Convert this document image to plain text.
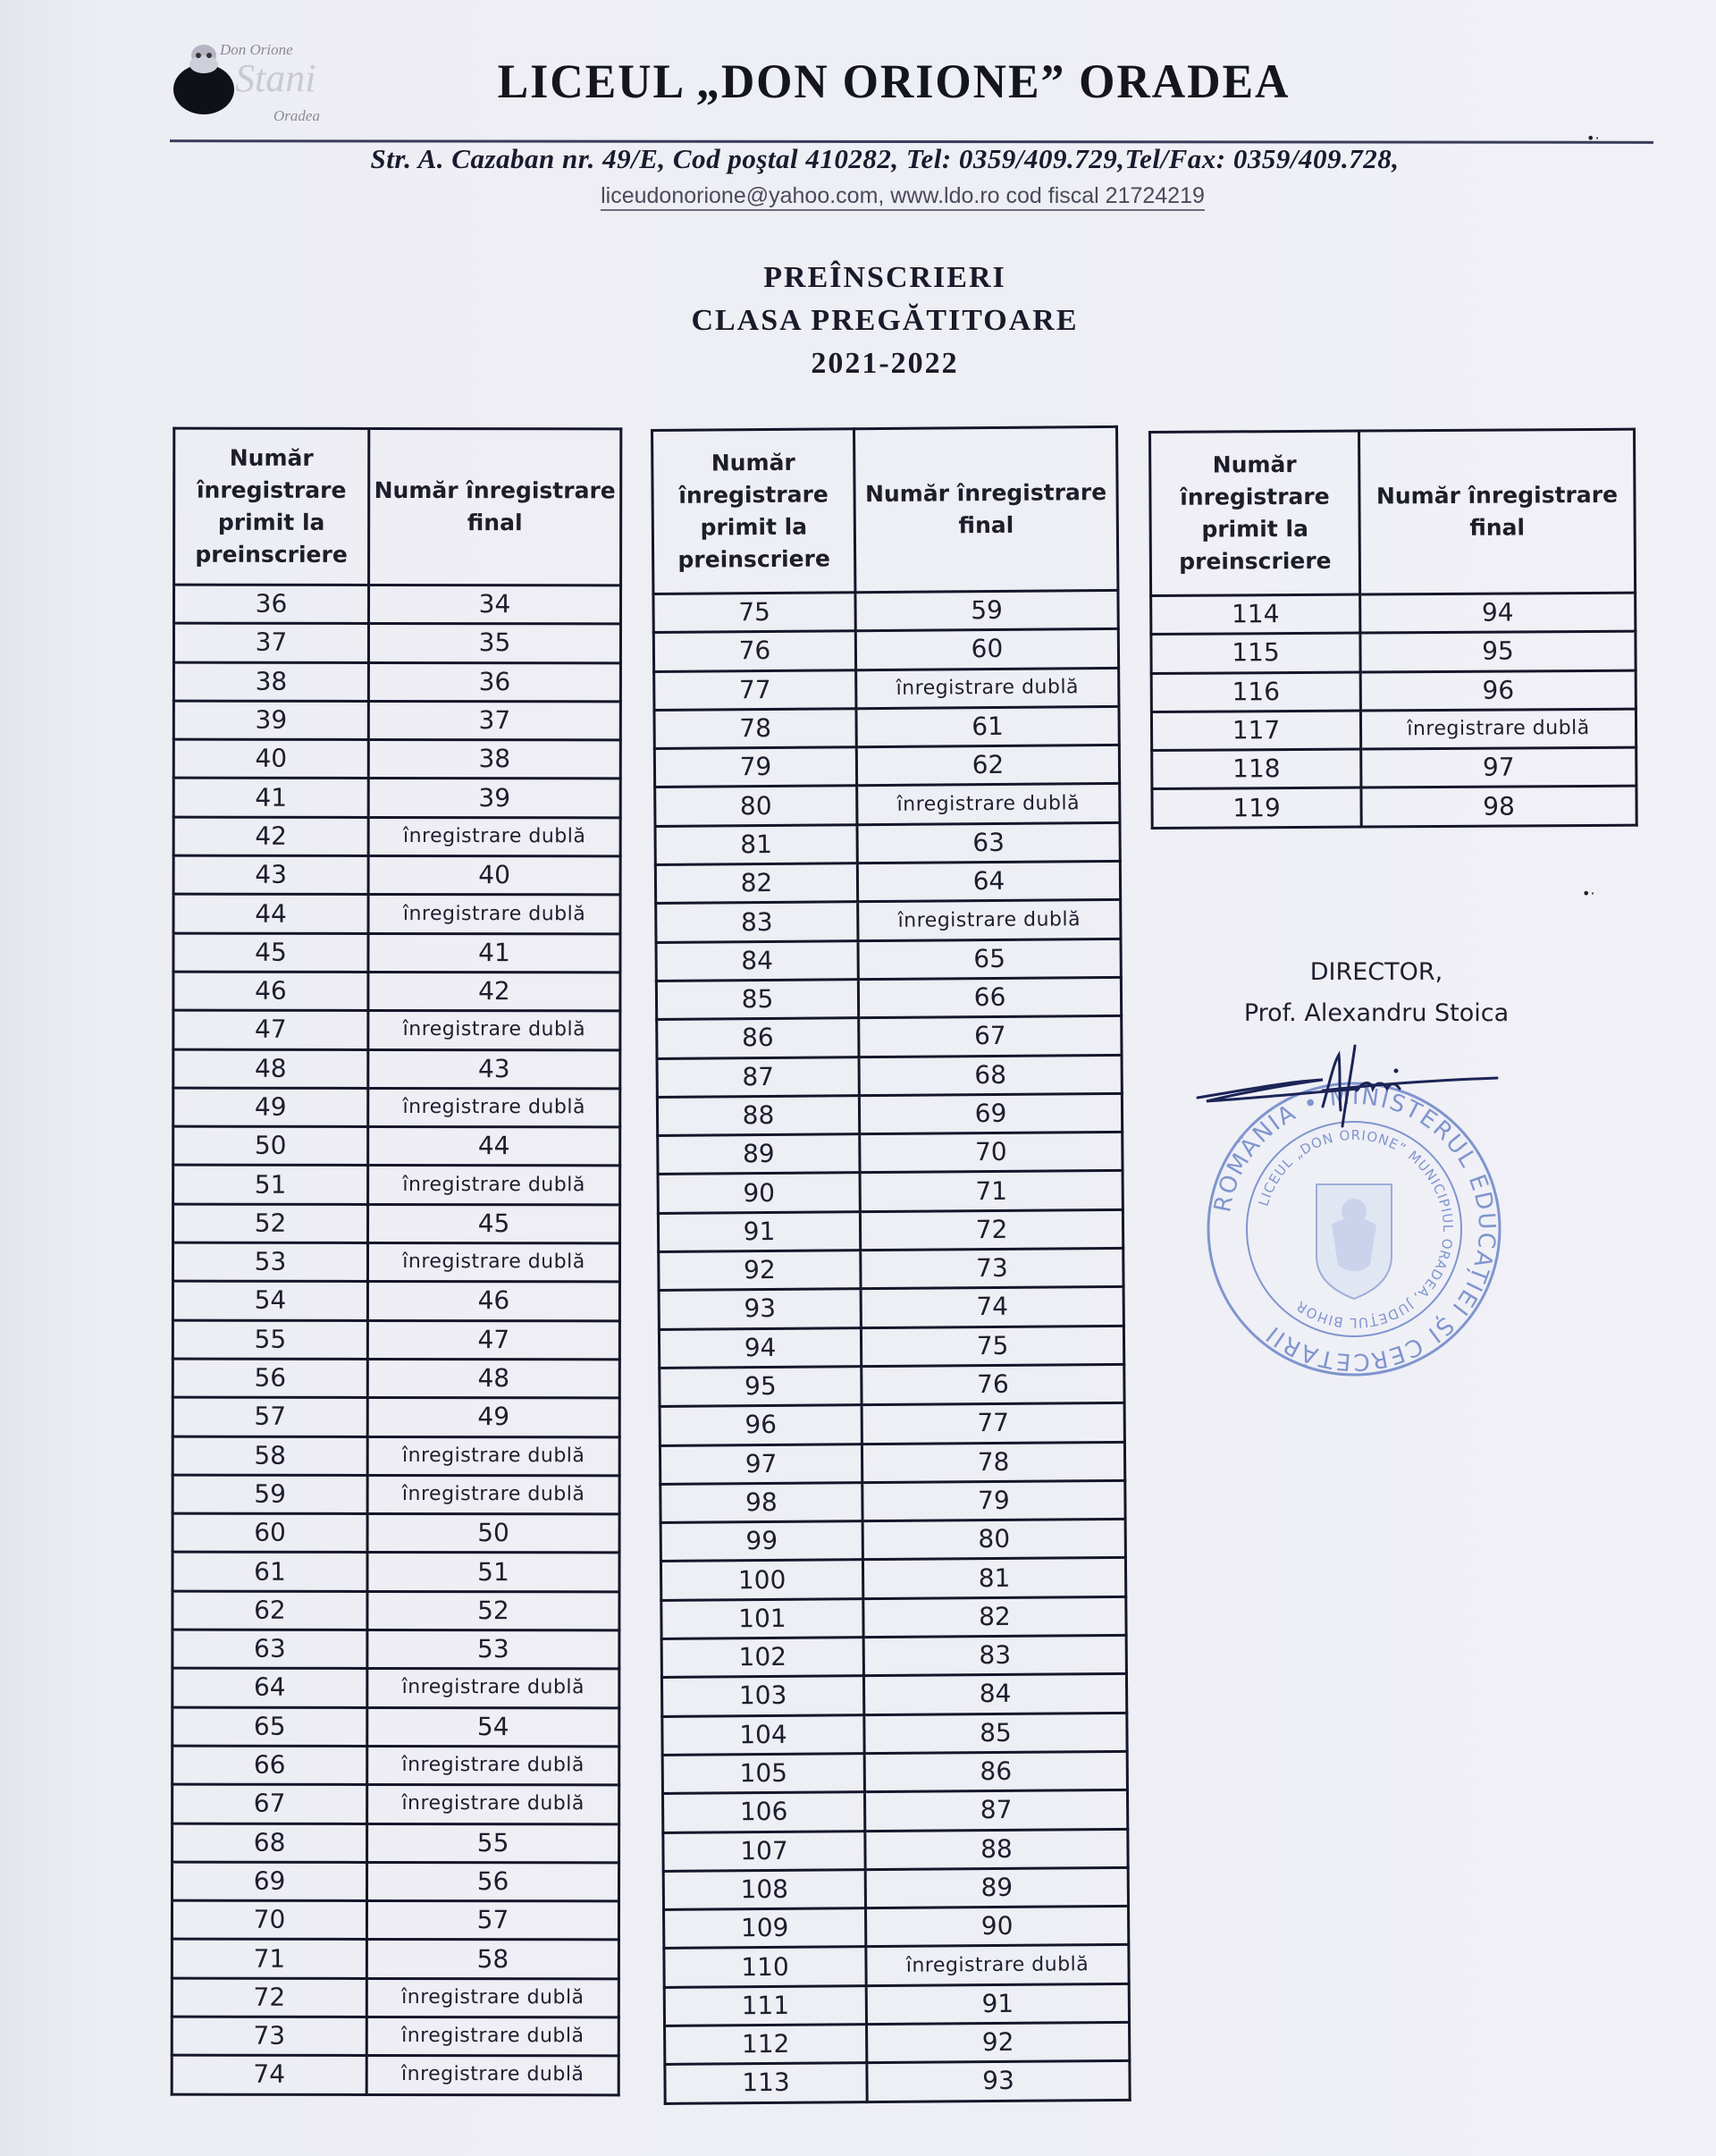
Don Orione
Stani
Oradea
LICEUL „DON ORIONE” ORADEA
•·
Str. A. Cazaban nr. 49/E, Cod poştal 410282, Tel: 0359/409.729,Tel/Fax: 0359/409.728,
liceudonorione@yahoo.com, www.ldo.ro cod fiscal 21724219
PREÎNSCRIERI
CLASA PREGĂTITOARE
2021-2022
Număr înregistrare primit la preinscriere	Număr înregistrare final
36	34
37	35
38	36
39	37
40	38
41	39
42	înregistrare dublă
43	40
44	înregistrare dublă
45	41
46	42
47	înregistrare dublă
48	43
49	înregistrare dublă
50	44
51	înregistrare dublă
52	45
53	înregistrare dublă
54	46
55	47
56	48
57	49
58	înregistrare dublă
59	înregistrare dublă
60	50
61	51
62	52
63	53
64	înregistrare dublă
65	54
66	înregistrare dublă
67	înregistrare dublă
68	55
69	56
70	57
71	58
72	înregistrare dublă
73	înregistrare dublă
74	înregistrare dublă
Număr înregistrare primit la preinscriere	Număr înregistrare final
75	59
76	60
77	înregistrare dublă
78	61
79	62
80	înregistrare dublă
81	63
82	64
83	înregistrare dublă
84	65
85	66
86	67
87	68
88	69
89	70
90	71
91	72
92	73
93	74
94	75
95	76
96	77
97	78
98	79
99	80
100	81
101	82
102	83
103	84
104	85
105	86
106	87
107	88
108	89
109	90
110	înregistrare dublă
111	91
112	92
113	93
Număr înregistrare primit la preinscriere	Număr înregistrare final
114	94
115	95
116	96
117	înregistrare dublă
118	97
119	98
•·
DIRECTOR,
Prof. Alexandru Stoica
ROMÂNIA • MINISTERUL EDUCAȚIEI ȘI CERCETĂRII
LICEUL „DON ORIONE” MUNICIPIUL ORADEA, JUDEȚUL BIHOR
